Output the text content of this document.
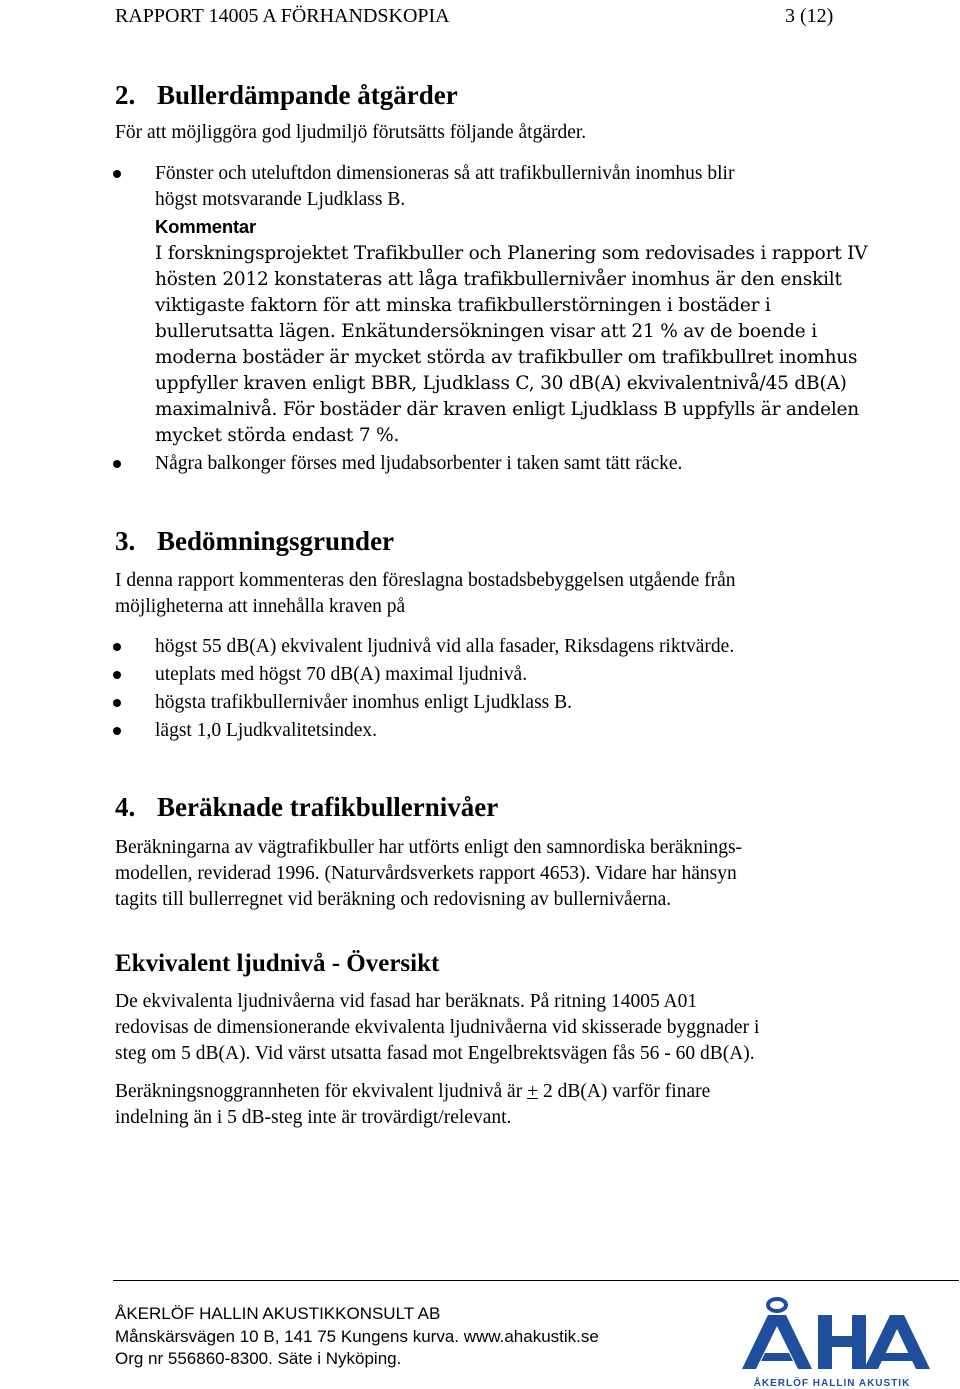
RAPPORT 14005 A FÖRHANDSKOPIA	3 (12)
2. Bullerdämpande åtgärder
För att möjliggöra god ljudmiljö förutsätts följande åtgärder.
Fönster och uteluftdon dimensioneras så att trafikbullernivån inomhus blir
högst motsvarande Ljudklass B.
Kommentar
I forskningsprojektet Trafikbuller och Planering som redovisades i rapport IV
hösten 2012 konstateras att låga trafikbullernivåer inomhus är den enskilt
viktigaste faktorn för att minska trafikbullerstörningen i bostäder i
bullerutsatta lägen. Enkätundersökningen visar att 21 % av de boende i
moderna bostäder är mycket störda av trafikbuller om trafikbullret inomhus
uppfyller kraven enligt BBR, Ljudklass C, 30 dB(A) ekvivalentnivå/45 dB(A)
maximalnivå. För bostäder där kraven enligt Ljudklass B uppfylls är andelen
mycket störda endast 7 %.
Några balkonger förses med ljudabsorbenter i taken samt tätt räcke.
3. Bedömningsgrunder
I denna rapport kommenteras den föreslagna bostadsbebyggelsen utgående från
möjligheterna att innehålla kraven på
högst 55 dB(A) ekvivalent ljudnivå vid alla fasader, Riksdagens riktvärde.
uteplats med högst 70 dB(A) maximal ljudnivå.
högsta trafikbullernivåer inomhus enligt Ljudklass B.
lägst 1,0 Ljudkvalitetsindex.
4. Beräknade trafikbullernivåer
Beräkningarna av vägtrafikbuller har utförts enligt den samnordiska beräknings-
modellen, reviderad 1996. (Naturvårdsverkets rapport 4653). Vidare har hänsyn
tagits till bullerregnet vid beräkning och redovisning av bullernivåerna.
Ekvivalent ljudnivå - Översikt
De ekvivalenta ljudnivåerna vid fasad har beräknats. På ritning 14005 A01
redovisas de dimensionerande ekvivalenta ljudnivåerna vid skisserade byggnader i
steg om 5 dB(A). Vid värst utsatta fasad mot Engelbrektsvägen fås 56 - 60 dB(A).
Beräkningsnoggrannheten för ekvivalent ljudnivå är + 2 dB(A) varför finare
indelning än i 5 dB-steg inte är trovärdigt/relevant.
ÅKERLÖF HALLIN AKUSTIKKONSULT AB
Månskärsvägen 10 B, 141 75 Kungens kurva. www.ahakustik.se
Org nr 556860-8300. Säte i Nyköping.
ÅKERLÖF HALLIN AKUSTIK
